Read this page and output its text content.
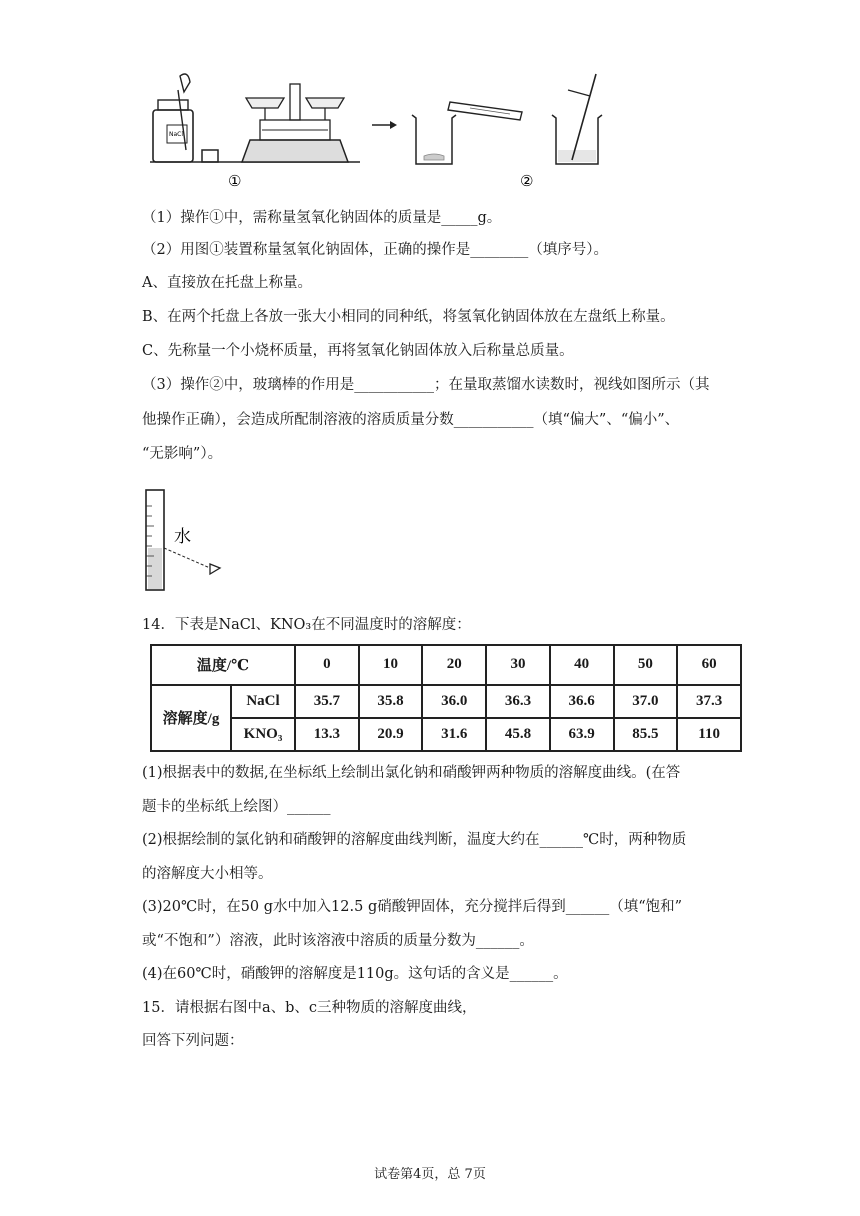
NaCl
①	②
（1）操作①中，需称量氢氧化钠固体的质量是_____g。
（2）用图①装置称量氢氧化钠固体，正确的操作是________（填序号）。
A、直接放在托盘上称量。
B、在两个托盘上各放一张大小相同的同种纸，将氢氧化钠固体放在左盘纸上称量。
C、先称量一个小烧杯质量，再将氢氧化钠固体放入后称量总质量。
（3）操作②中，玻璃棒的作用是___________；在量取蒸馏水读数时，视线如图所示（其
他操作正确），会造成所配制溶液的溶质质量分数___________（填“偏大”、“偏小”、
“无影响”）。
水
14．下表是NaCl、KNO₃在不同温度时的溶解度：
温度/℃		0	10	20	30	40	50	60
溶解度/g	NaCl	35.7	35.8	36.0	36.3	36.6	37.0	37.3
	KNO₃	13.3	20.9	31.6	45.8	63.9	85.5	110
(1)根据表中的数据,在坐标纸上绘制出氯化钠和硝酸钾两种物质的溶解度曲线。(在答
题卡的坐标纸上绘图）______
(2)根据绘制的氯化钠和硝酸钾的溶解度曲线判断，温度大约在______℃时，两种物质
的溶解度大小相等。
(3)20℃时，在50 g水中加入12.5 g硝酸钾固体，充分搅拌后得到______（填“饱和”
或“不饱和”）溶液，此时该溶液中溶质的质量分数为______。
(4)在60℃时，硝酸钾的溶解度是110g。这句话的含义是______。
15．请根据右图中a、b、c三种物质的溶解度曲线，
回答下列问题：
试卷第4页，总 7页
